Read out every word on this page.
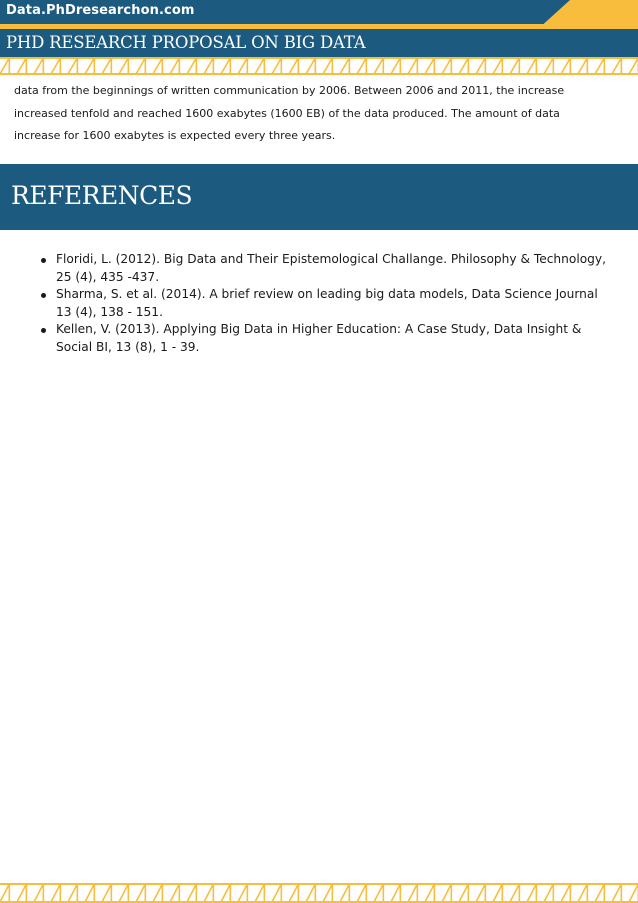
Data.PhDresearchon.com
PHD RESEARCH PROPOSAL ON BIG DATA

data from the beginnings of written communication by 2006. Between 2006 and 2011, the increase increased tenfold and reached 1600 exabytes (1600 EB) of the data produced. The amount of data increase for 1600 exabytes is expected every three years.

REFERENCES
Floridi, L. (2012). Big Data and Their Epistemological Challange. Philosophy & Technology, 25 (4), 435 -437.
Sharma, S. et al. (2014). A brief review on leading big data models, Data Science Journal 13 (4), 138 - 151.
Kellen, V. (2013). Applying Big Data in Higher Education: A Case Study, Data Insight & Social BI, 13 (8), 1 - 39.
